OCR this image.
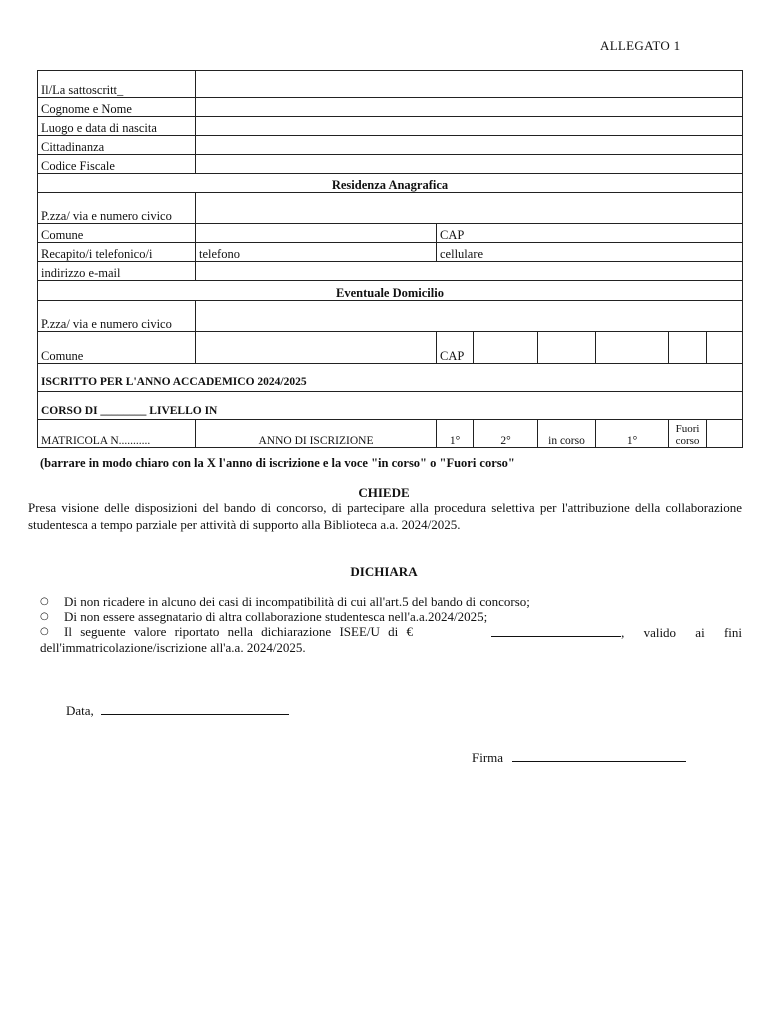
ALLEGATO 1
Il/La sattoscritt_							
Cognome e Nome							
Luogo e data di nascita							
Cittadinanza							
Codice Fiscale							
Residenza Anagrafica							
P.zza/ via e numero civico							
Comune		CAP					
Recapito/i telefonico/i	telefono	cellulare					
indirizzo e-mail							
Eventuale Domicilio							
P.zza/ via e numero civico							
Comune		CAP					
ISCRITTO PER L'ANNO ACCADEMICO 2024/2025							
CORSO DI ________ LIVELLO IN							
MATRICOLA N...........	ANNO DI ISCRIZIONE	1°	2°	in corso	1°	Fuori corso	
(barrare in modo chiaro con la X l'anno di iscrizione e la voce "in corso" o "Fuori corso"
CHIEDE
Presa visione delle disposizioni del bando di concorso, di partecipare alla procedura selettiva per l'attribuzione della collaborazione studentesca a tempo parziale per attività di supporto alla Biblioteca a.a. 2024/2025.
DICHIARA
○ Di non ricadere in alcuno dei casi di incompatibilità di cui all'art.5 del bando di concorso;
○ Di non essere assegnatario di altra collaborazione studentesca nell'a.a.2024/2025;
○ Il seguente valore riportato nella dichiarazione ISEE/U di €	, valido ai fini
dell'immatricolazione/iscrizione all'a.a. 2024/2025.
Data,
Firma
